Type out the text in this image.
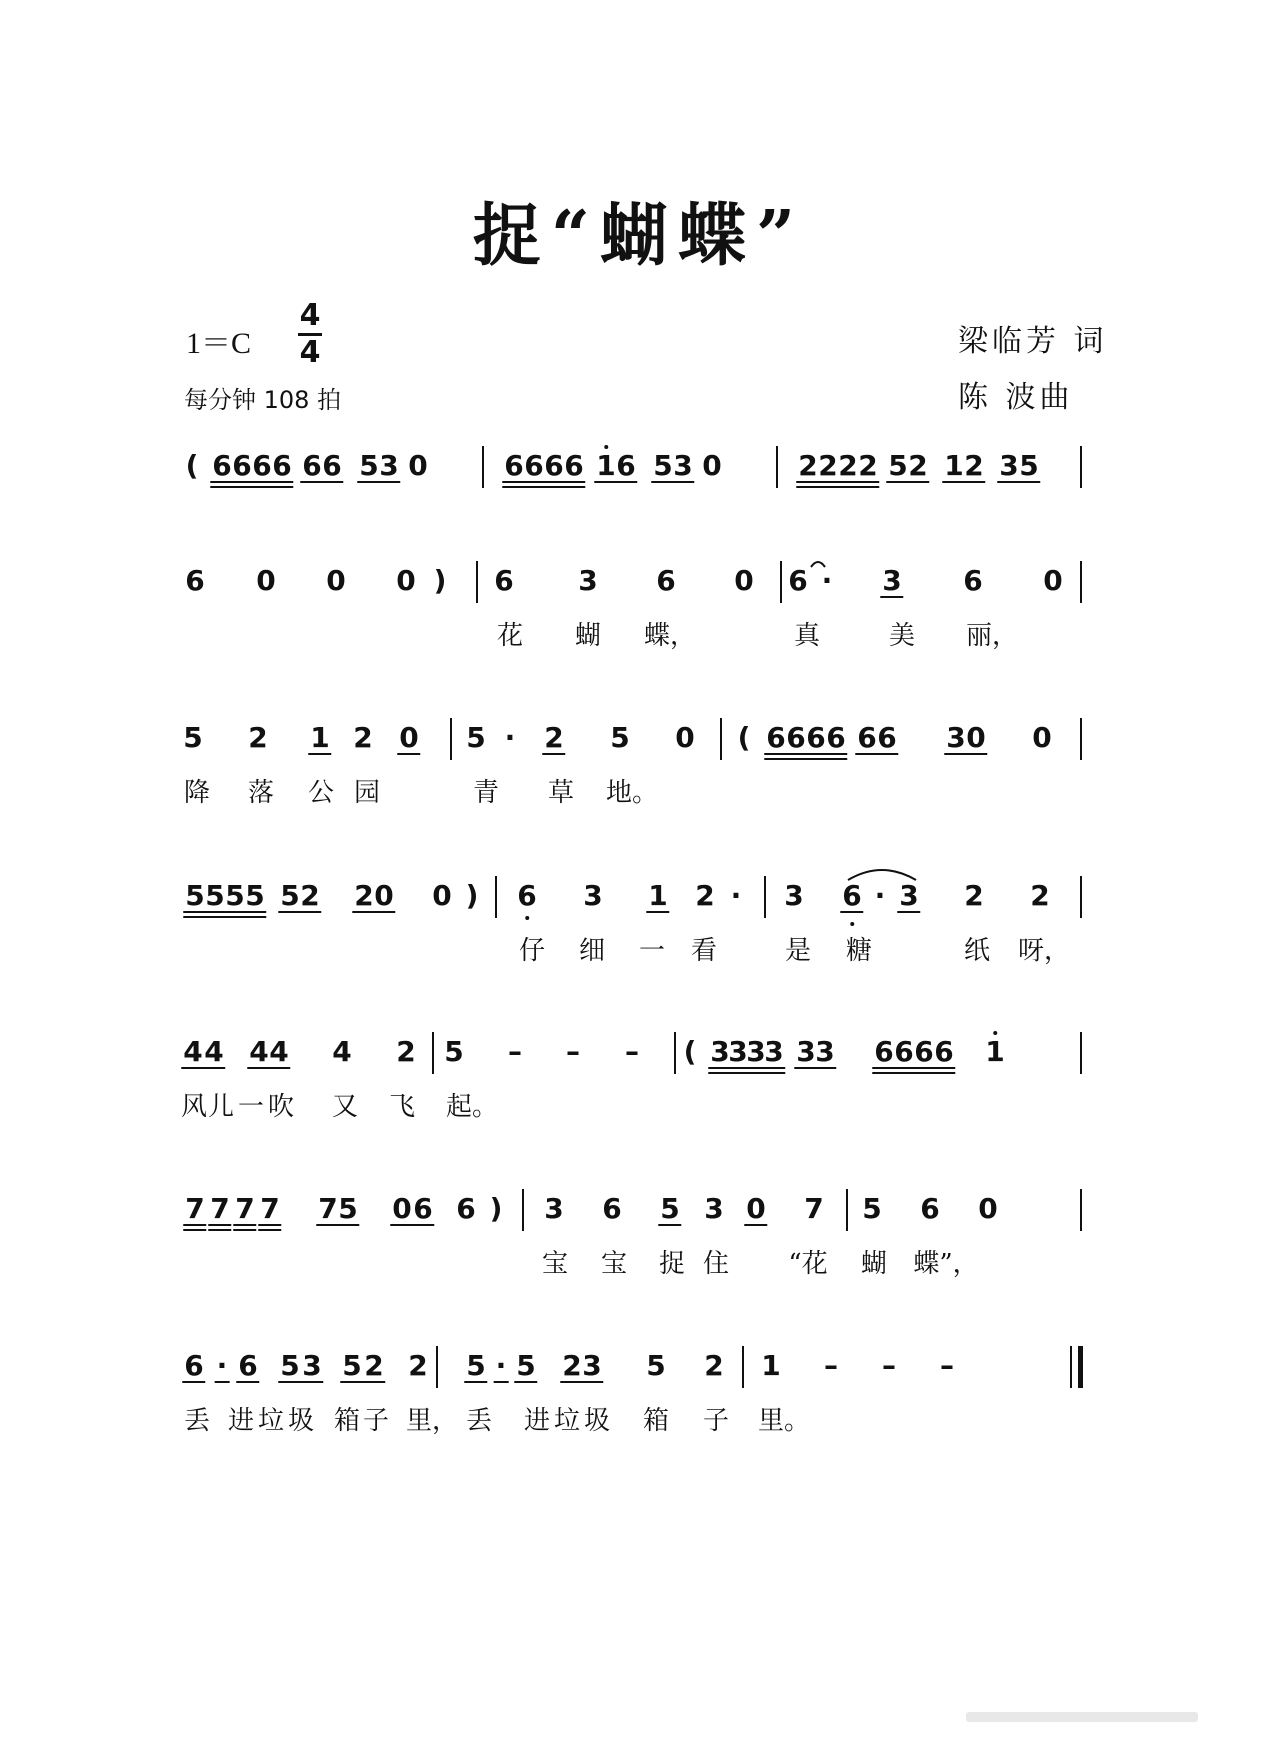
捉“蝴蝶”
1＝C
4
4
每分钟 108 拍
梁临芳 词
陈 波曲
( 6 6 6 6 6 6 5 3 0	6 6 6 6 1 6 5 3 0	2 2 2 2 5 2 1 2 3 5
6 0 0 0 ) 6 3 6 0 6 · 3 6 0
花 蝴 蝶，	真	美 丽，
5 2 1 2 0 5 · 2 5 0 ( 6 6 6 6 6 6 3 0 0
降 落 公 园	青 草 地。
5 5 5 5 5 2 2 0 0 ) 6 3 1 2 · 3 6 · 3 2 2
仔 细 一 看	是 糖	纸 呀，
4 4 4 4 4 2 5 – – – ( 3
3
3
3 3 3 6 6 6 6 1
风 儿 一 吹 又 飞 起。
7 7 7 7 7 5 0 6 6 ) 3 6 5 3 0 7 5 6 0
宝 宝 捉 住 “花 蝴 蝶”，
6 · 6 5 3 5 2 2 5 · 5 2 3 5 2 1 – – –
丢 进 垃 圾 箱 子 里， 丢 进 垃 圾 箱 子 里。
